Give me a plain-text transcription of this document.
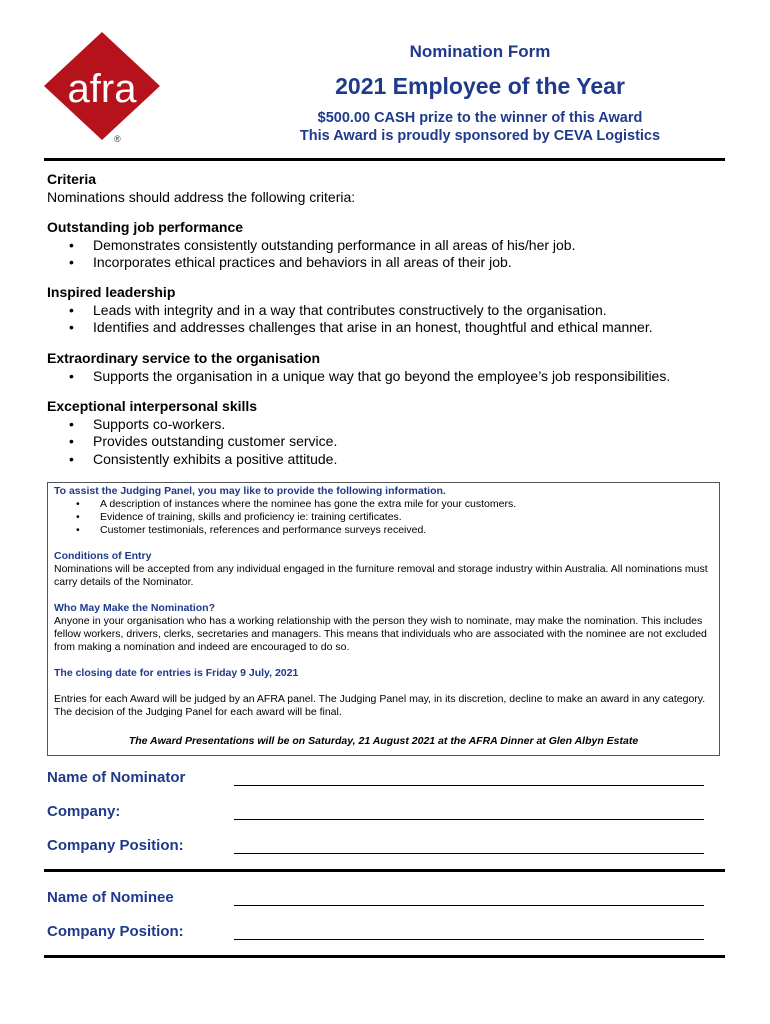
afra
®
Nomination Form
2021 Employee of the Year
$500.00 CASH prize to the winner of this Award
This Award is proudly sponsored by CEVA Logistics
Criteria
Nominations should address the following criteria:
Outstanding job performance
• Demonstrates consistently outstanding performance in all areas of his/her job.
• Incorporates ethical practices and behaviors in all areas of their job.
Inspired leadership
• Leads with integrity and in a way that contributes constructively to the organisation.
• Identifies and addresses challenges that arise in an honest, thoughtful and ethical manner.
Extraordinary service to the organisation
• Supports the organisation in a unique way that go beyond the employee’s job responsibilities.
Exceptional interpersonal skills
• Supports co-workers.
• Provides outstanding customer service.
• Consistently exhibits a positive attitude.

To assist the Judging Panel, you may like to provide the following information.

• A description of instances where the nominee has gone the extra mile for your customers.
• Evidence of training, skills and proficiency ie: training certificates.
• Customer testimonials, references and performance surveys received.

Conditions of Entry

Nominations will be accepted from any individual engaged in the furniture removal and storage industry within Australia. All nominations must carry details of the Nominator.

Who May Make the Nomination?

Anyone in your organisation who has a working relationship with the person they wish to nominate, may make the nomination. This includes fellow workers, drivers, clerks, secretaries and managers. This means that individuals who are associated with the nominee are not excluded from making a nomination and indeed are encouraged to do so.

The closing date for entries is Friday 9 July, 2021

Entries for each Award will be judged by an AFRA panel. The Judging Panel may, in its discretion, decline to make an award in any category. The decision of the Judging Panel for each award will be final.

The Award Presentations will be on Saturday, 21 August 2021 at the AFRA Dinner at Glen Albyn Estate

Name of Nominator
Company:
Company Position:
Name of Nominee
Company Position:
